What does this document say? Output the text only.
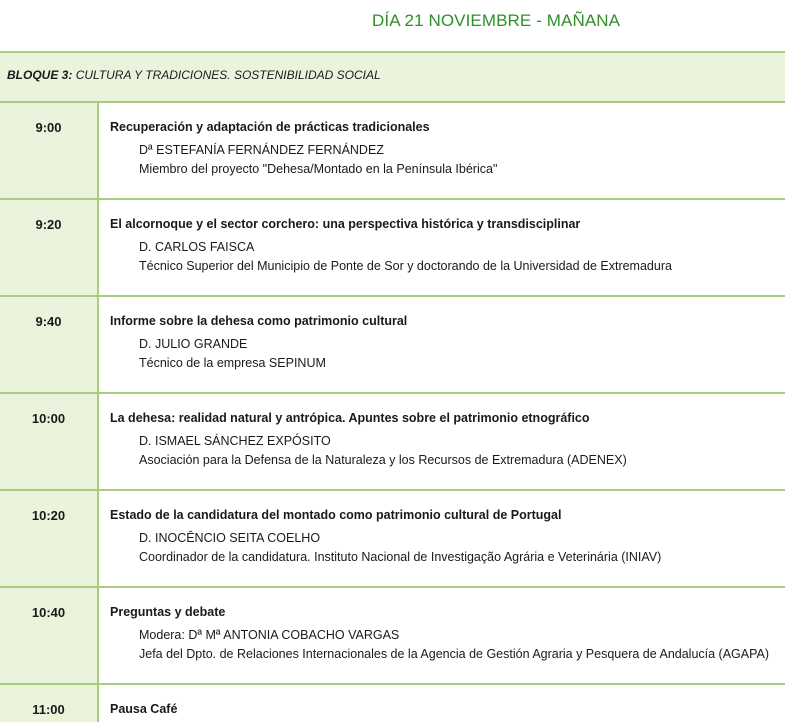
DÍA 21 NOVIEMBRE - MAÑANA
BLOQUE 3: CULTURA Y TRADICIONES. SOSTENIBILIDAD SOCIAL
9:00	Recuperación y adaptación de prácticas tradicionales
Dª ESTEFANÍA FERNÁNDEZ FERNÁNDEZ
Miembro del proyecto "Dehesa/Montado en la Península Ibérica"
9:20	El alcornoque y el sector corchero: una perspectiva histórica y transdisciplinar
D. CARLOS FAISCA
Técnico Superior del Municipio de Ponte de Sor y doctorando de la Universidad de Extremadura
9:40	Informe sobre la dehesa como patrimonio cultural
D. JULIO GRANDE
Técnico de la empresa SEPINUM
10:00	La dehesa: realidad natural y antrópica. Apuntes sobre el patrimonio etnográfico
D. ISMAEL SÁNCHEZ EXPÓSITO
Asociación para la Defensa de la Naturaleza y los Recursos de Extremadura (ADENEX)
10:20	Estado de la candidatura del montado como patrimonio cultural de Portugal
D. INOCÊNCIO SEITA COELHO
Coordinador de la candidatura. Instituto Nacional de Investigação Agrária e Veterinária (INIAV)
10:40	Preguntas y debate
Modera: Dª Mª ANTONIA COBACHO VARGAS
Jefa del Dpto. de Relaciones Internacionales de la Agencia de Gestión Agraria y Pesquera de Andalucía (AGAPA)
11:00	Pausa Café
